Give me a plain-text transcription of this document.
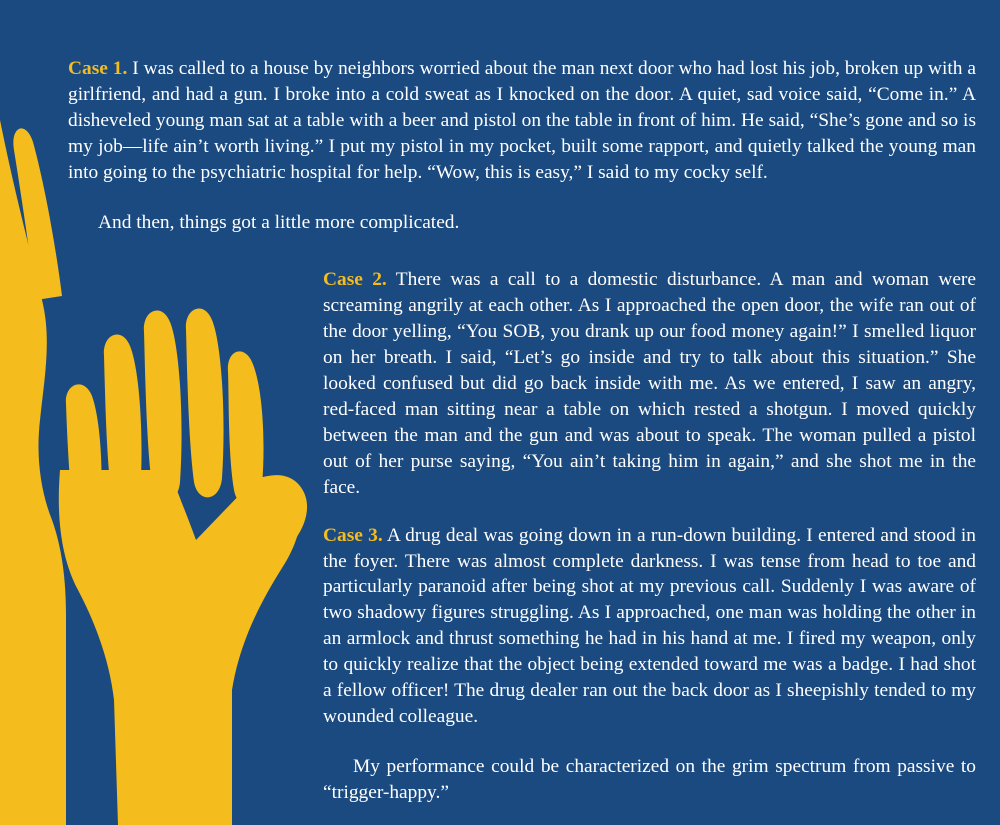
Case 1. I was called to a house by neighbors worried about the man next door who had lost his job, broken up with a girlfriend, and had a gun. I broke into a cold sweat as I knocked on the door. A quiet, sad voice said, “Come in.” A disheveled young man sat at a table with a beer and pistol on the table in front of him. He said, “She’s gone and so is my job—life ain’t worth living.” I put my pistol in my pocket, built some rapport, and quietly talked the young man into going to the psychiatric hospital for help. “Wow, this is easy,” I said to my cocky self.

And then, things got a little more complicated.

Case 2. There was a call to a domestic disturbance. A man and woman were screaming angrily at each other. As I approached the open door, the wife ran out of the door yelling, “You SOB, you drank up our food money again!” I smelled liquor on her breath. I said, “Let’s go inside and try to talk about this situation.” She looked confused but did go back inside with me. As we entered, I saw an angry, red-faced man sitting near a table on which rested a shotgun. I moved quickly between the man and the gun and was about to speak. The woman pulled a pistol out of her purse saying, “You ain’t taking him in again,” and she shot me in the face.

Case 3. A drug deal was going down in a run-down building. I entered and stood in the foyer. There was almost complete darkness. I was tense from head to toe and particularly paranoid after being shot at my previous call. Suddenly I was aware of two shadowy figures struggling. As I approached, one man was holding the other in an armlock and thrust something he had in his hand at me. I fired my weapon, only to quickly realize that the object being extended toward me was a badge. I had shot a fellow officer! The drug dealer ran out the back door as I sheepishly tended to my wounded colleague.

My performance could be characterized on the grim spectrum from passive to “trigger-happy.”
